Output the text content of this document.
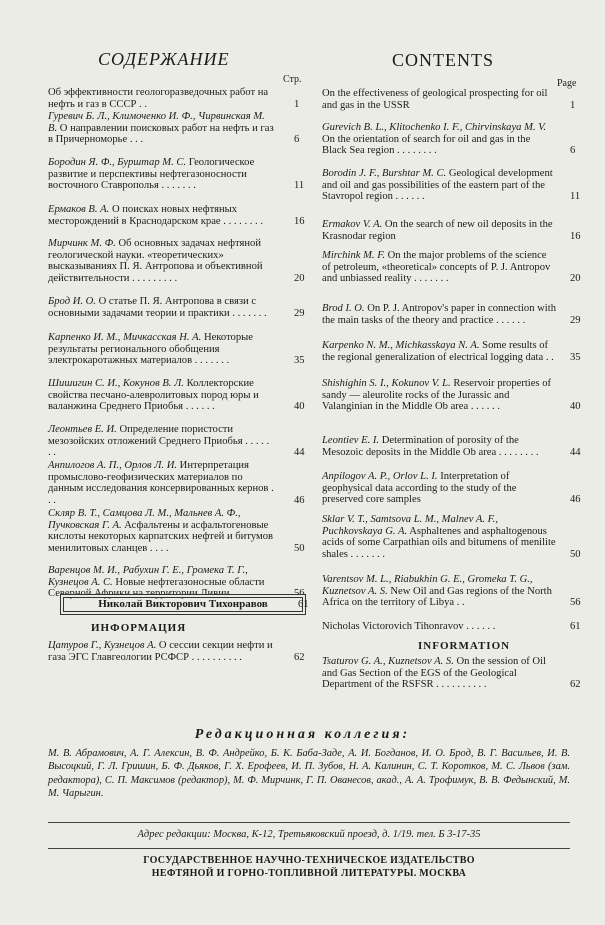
СОДЕРЖАНИЕ	CONTENTS
Стр.	Page
Об эффективности геологоразведочных работ на нефть и газ в СССР . .	1
Гуревич Б. Л., Климоченко И. Ф., Чирвинская М. В. О направлении поисковых работ на нефть и газ в Причерноморье . . .	6
Бородин Я. Ф., Бурштар М. С. Геологическое развитие и перспективы нефтегазоносности восточного Ставрополья . . . . . . .	11
Ермаков В. А. О поисках новых нефтяных месторождений в Краснодарском крае . . . . . . . .	16
Мирчинк М. Ф. Об основных задачах нефтяной геологической науки. «теоретических» высказываниях П. Я. Антропова и объективной действительности . . . . . . . . .	20
Брод И. О. О статье П. Я. Антропова в связи с основными задачами теории и практики . . . . . . .	29
Карпенко И. М., Мичкасская Н. А. Некоторые результаты регионального обобщения электрокаротажных материалов . . . . . . .	35
Шишигин С. И., Кокунов В. Л. Коллекторские свойства песчано-алевролитовых пород юры и валанжина Среднего Приобья . . . . . .	40
Леонтьев Е. И. Определение пористости мезозойских отложений Среднего Приобья . . . . . . .	44
Анпилогов А. П., Орлов Л. И. Интерпретация промыслово-геофизических материалов по данным исследования консервированных кернов . . .	46
Скляр В. Т., Самцова Л. М., Мальнев А. Ф., Пучковская Г. А. Асфальтены и асфальтогеновые кислоты некоторых карпатских нефтей и битумов менилитовых сланцев . . . .	50
Варенцов М. И., Рабухин Г. Е., Громека Т. Г., Кузнецов А. С. Новые нефтегазоносные области Северной Африки на территории Ливии . . .	56
Цатуров Г., Кузнецов А. О сессии секции нефти и газа ЭГС Главгеологии РСФСР . . . . . . . . . .	62
On the effectiveness of geological prospecting for oil and gas in the USSR	1
Gurevich B. L., Klitochenko I. F., Chirvinskaya M. V. On the orientation of search for oil and gas in the Black Sea region . . . . . . . .	6
Borodin J. F., Burshtar M. C. Geological development and oil and gas possibilities of the eastern part of the Stavropol region . . . . . .	11
Ermakov V. A. On the search of new oil deposits in the Krasnodar region	16
Mirchink M. F. On the major problems of the science of petroleum, «theoretical» concepts of P. J. Antropov and unbiassed reality . . . . . . .	20
Brod I. O. On P. J. Antropov's paper in connection with the main tasks of the theory and practice . . . . . .	29
Karpenko N. M., Michkasskaya N. A. Some results of the regional generalization of electrical logging data . . 35
Shishighin S. I., Kokunov V. L. Reservoir properties of sandy — aleurolite rocks of the Jurassic and Valanginian in the Middle Ob area . . . . . .	40
Leontiev E. I. Determination of porosity of the Mesozoic deposits in the Middle Ob area . . . . . . . .	44
Anpilogov A. P., Orlov L. I. Interpretation of geophysical data according to the study of the preserved core samples	46
Sklar V. T., Samtsova L. M., Malnev A. F., Puchkovskaya G. A. Asphaltenes and asphaltogenous acids of some Carpathian oils and bitumens of menilite shales . . . . . . .	50
Varentsov M. L., Riabukhin G. E., Gromeka T. G., Kuznetsov A. S. New Oil and Gas regions of the North Africa on the territory of Libya . .	56
Nicholas Victorovich Tihonravov . . . . . .	61
Tsaturov G. A., Kuznetsov A. S. On the session of Oil and Gas Section of the EGS of the Geological Department of the RSFSR . . . . . . . . . .	62
Николай Викторович Тихонравов	61
ИНФОРМАЦИЯ
INFORMATION
Редакционная коллегия:
М. В. Абрамович, А. Г. Алексин, В. Ф. Андрейко, Б. К. Баба-Заде, А. И. Богданов, И. О. Брод, В. Г. Васильев, И. В. Высоцкий, Г. Л. Гришин, Б. Ф. Дьяков, Г. Х. Ерофеев, И. П. Зубов, Н. А. Калинин, С. Т. Коротков, М. С. Львов (зам. редактора), С. П. Максимов (редактор), М. Ф. Мирчинк, Г. П. Ованесов, акад., А. А. Трофимук, В. В. Федынский, М. М. Чарыгин.
Адрес редакции: Москва, К-12, Третьяковский проезд, д. 1/19. тел. Б 3-17-35
ГОСУДАРСТВЕННОЕ НАУЧНО-ТЕХНИЧЕСКОЕ ИЗДАТЕЛЬСТВО
НЕФТЯНОЙ И ГОРНО-ТОПЛИВНОЙ ЛИТЕРАТУРЫ. МОСКВА
